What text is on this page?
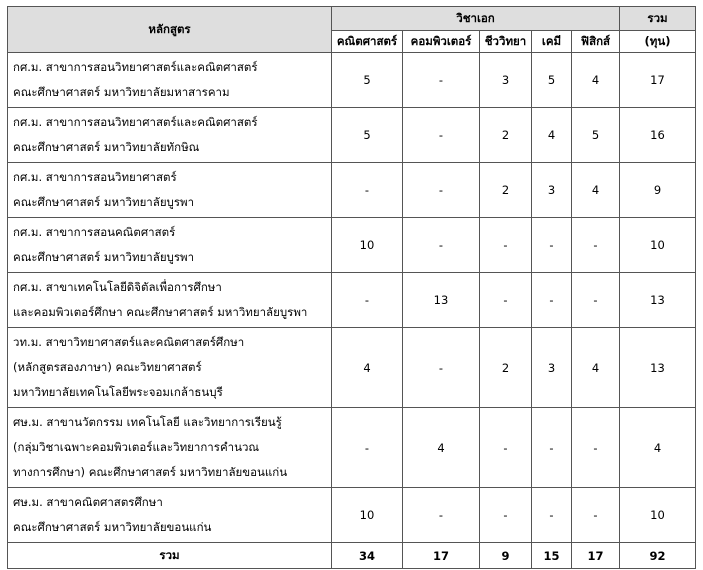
หลักสูตร	วิชาเอก					รวม
	คณิตศาสตร์	คอมพิวเตอร์	ชีววิทยา	เคมี	ฟิสิกส์	(ทุน)

กศ.ม. สาขาการสอนวิทยาศาสตร์และคณิตศาสตร์
คณะศึกษาศาสตร์ มหาวิทยาลัยมหาสารคาม	5	-	3	5	4	17

กศ.ม. สาขาการสอนวิทยาศาสตร์และคณิตศาสตร์
คณะศึกษาศาสตร์ มหาวิทยาลัยทักษิณ	5	-	2	4	5	16

กศ.ม. สาขาการสอนวิทยาศาสตร์
คณะศึกษาศาสตร์ มหาวิทยาลัยบูรพา	-	-	2	3	4	9

กศ.ม. สาขาการสอนคณิตศาสตร์
คณะศึกษาศาสตร์ มหาวิทยาลัยบูรพา	10	-	-	-	-	10

กศ.ม. สาขาเทคโนโลยีดิจิตัลเพื่อการศึกษา
และคอมพิวเตอร์ศึกษา คณะศึกษาศาสตร์ มหาวิทยาลัยบูรพา	-	13	-	-	-	13

วท.ม. สาขาวิทยาศาสตร์และคณิตศาสตร์ศึกษา
(หลักสูตรสองภาษา) คณะวิทยาศาสตร์
มหาวิทยาลัยเทคโนโลยีพระจอมเกล้าธนบุรี	4	-	2	3	4	13

ศษ.ม. สาขานวัตกรรม เทคโนโลยี และวิทยาการเรียนรู้
(กลุ่มวิชาเฉพาะคอมพิวเตอร์และวิทยาการคำนวณ
ทางการศึกษา) คณะศึกษาศาสตร์ มหาวิทยาลัยขอนแก่น	-	4	-	-	-	4

ศษ.ม. สาขาคณิตศาสตรศึกษา
คณะศึกษาศาสตร์ มหาวิทยาลัยขอนแก่น	10	-	-	-	-	10
รวม	34	17	9	15	17	92
